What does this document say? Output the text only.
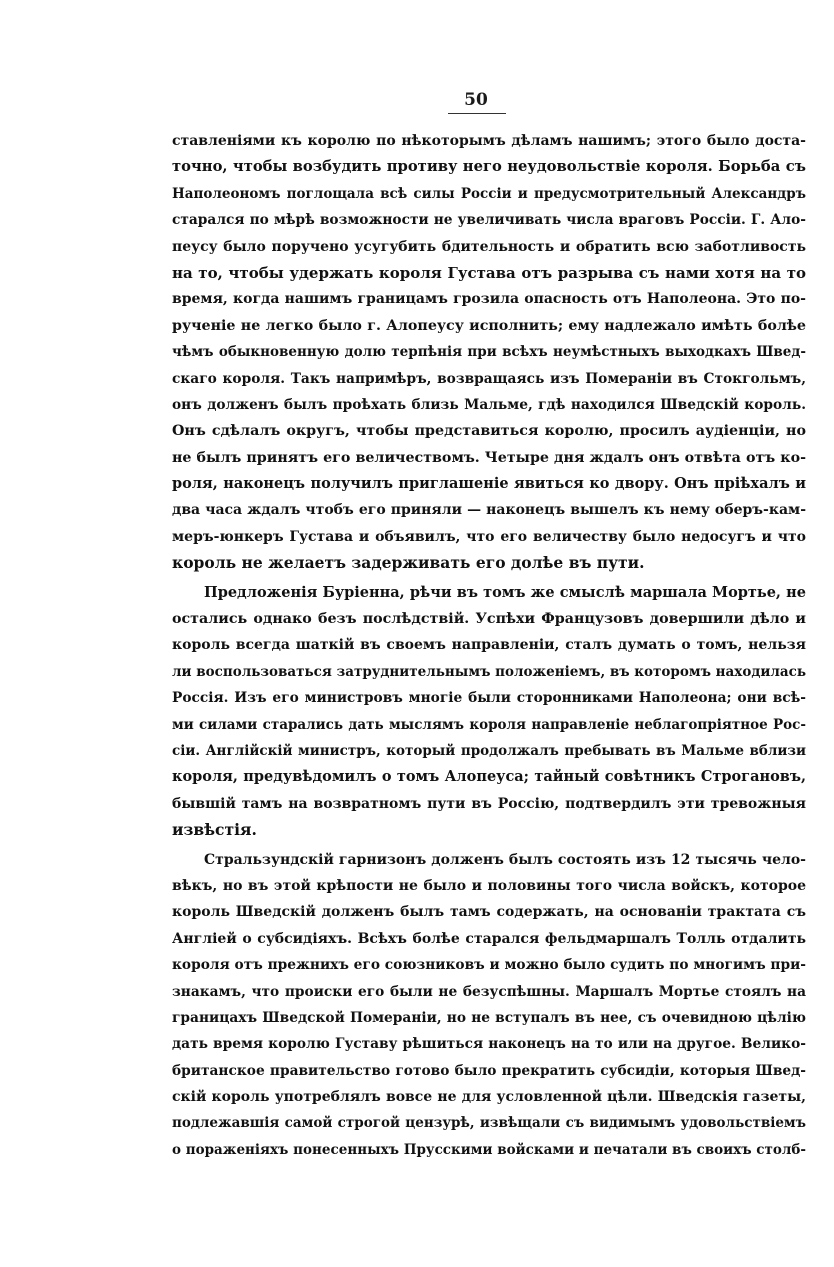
50
ставленіями къ королю по нѣкоторымъ дѣламъ нашимъ; этого было доста-
точно, чтобы возбудить противу него неудовольствіе короля. Борьба съ
Наполеономъ поглощала всѣ силы Россіи и предусмотрительный Александръ
старался по мѣрѣ возможности не увеличивать числа враговъ Россіи. Г. Ало-
пеусу было поручено усугубить бдительность и обратить всю заботливость
на то, чтобы удержать короля Густава отъ разрыва съ нами хотя на то
время, когда нашимъ границамъ грозила опасность отъ Наполеона. Это по-
рученіе не легко было г. Алопеусу исполнить; ему надлежало имѣть болѣе
чѣмъ обыкновенную долю терпѣнія при всѣхъ неумѣстныхъ выходкахъ Швед-
скаго короля. Такъ напримѣръ, возвращаясь изъ Помераніи въ Стокгольмъ,
онъ долженъ былъ проѣхать близь Мальме, гдѣ находился Шведскій король.
Онъ сдѣлалъ округъ, чтобы представиться королю, просилъ аудіенціи, но
не былъ принятъ его величествомъ. Четыре дня ждалъ онъ отвѣта отъ ко-
роля, наконецъ получилъ приглашеніе явиться ко двору. Онъ пріѣхалъ и
два часа ждалъ чтобъ его приняли — наконецъ вышелъ къ нему оберъ-кам-
меръ-юнкеръ Густава и объявилъ, что его величеству было недосугъ и что
король не желаетъ задерживать его долѣе въ пути.
Предложенія Буріенна, рѣчи въ томъ же смыслѣ маршала Мортье, не
остались однако безъ послѣдствій. Успѣхи Французовъ довершили дѣло и
король всегда шаткій въ своемъ направленіи, сталъ думать о томъ, нельзя
ли воспользоваться затруднительнымъ положеніемъ, въ которомъ находилась
Россія. Изъ его министровъ многіе были сторонниками Наполеона; они всѣ-
ми силами старались дать мыслямъ короля направленіе неблагопріятное Рос-
сіи. Англійскій министръ, который продолжалъ пребывать въ Мальме вблизи
короля, предувѣдомилъ о томъ Алопеуса; тайный совѣтникъ Строгановъ,
бывшій тамъ на возвратномъ пути въ Россію, подтвердилъ эти тревожныя
извѣстія.
Стральзундскій гарнизонъ долженъ былъ состоять изъ 12 тысячь чело-
вѣкъ, но въ этой крѣпости не было и половины того числа войскъ, которое
король Шведскій долженъ былъ тамъ содержать, на основаніи трактата съ
Англіей о субсидіяхъ. Всѣхъ болѣе старался фельдмаршалъ Толль отдалить
короля отъ прежнихъ его союзниковъ и можно было судить по многимъ при-
знакамъ, что происки его были не безуспѣшны. Маршалъ Мортье стоялъ на
границахъ Шведской Помераніи, но не вступалъ въ нее, съ очевидною цѣлію
дать время королю Густаву рѣшиться наконецъ на то или на другое. Велико-
британское правительство готово было прекратить субсидіи, которыя Швед-
скій король употреблялъ вовсе не для условленной цѣли. Шведскія газеты,
подлежавшія самой строгой цензурѣ, извѣщали съ видимымъ удовольствіемъ
о пораженіяхъ понесенныхъ Прусскими войсками и печатали въ своихъ столб-
